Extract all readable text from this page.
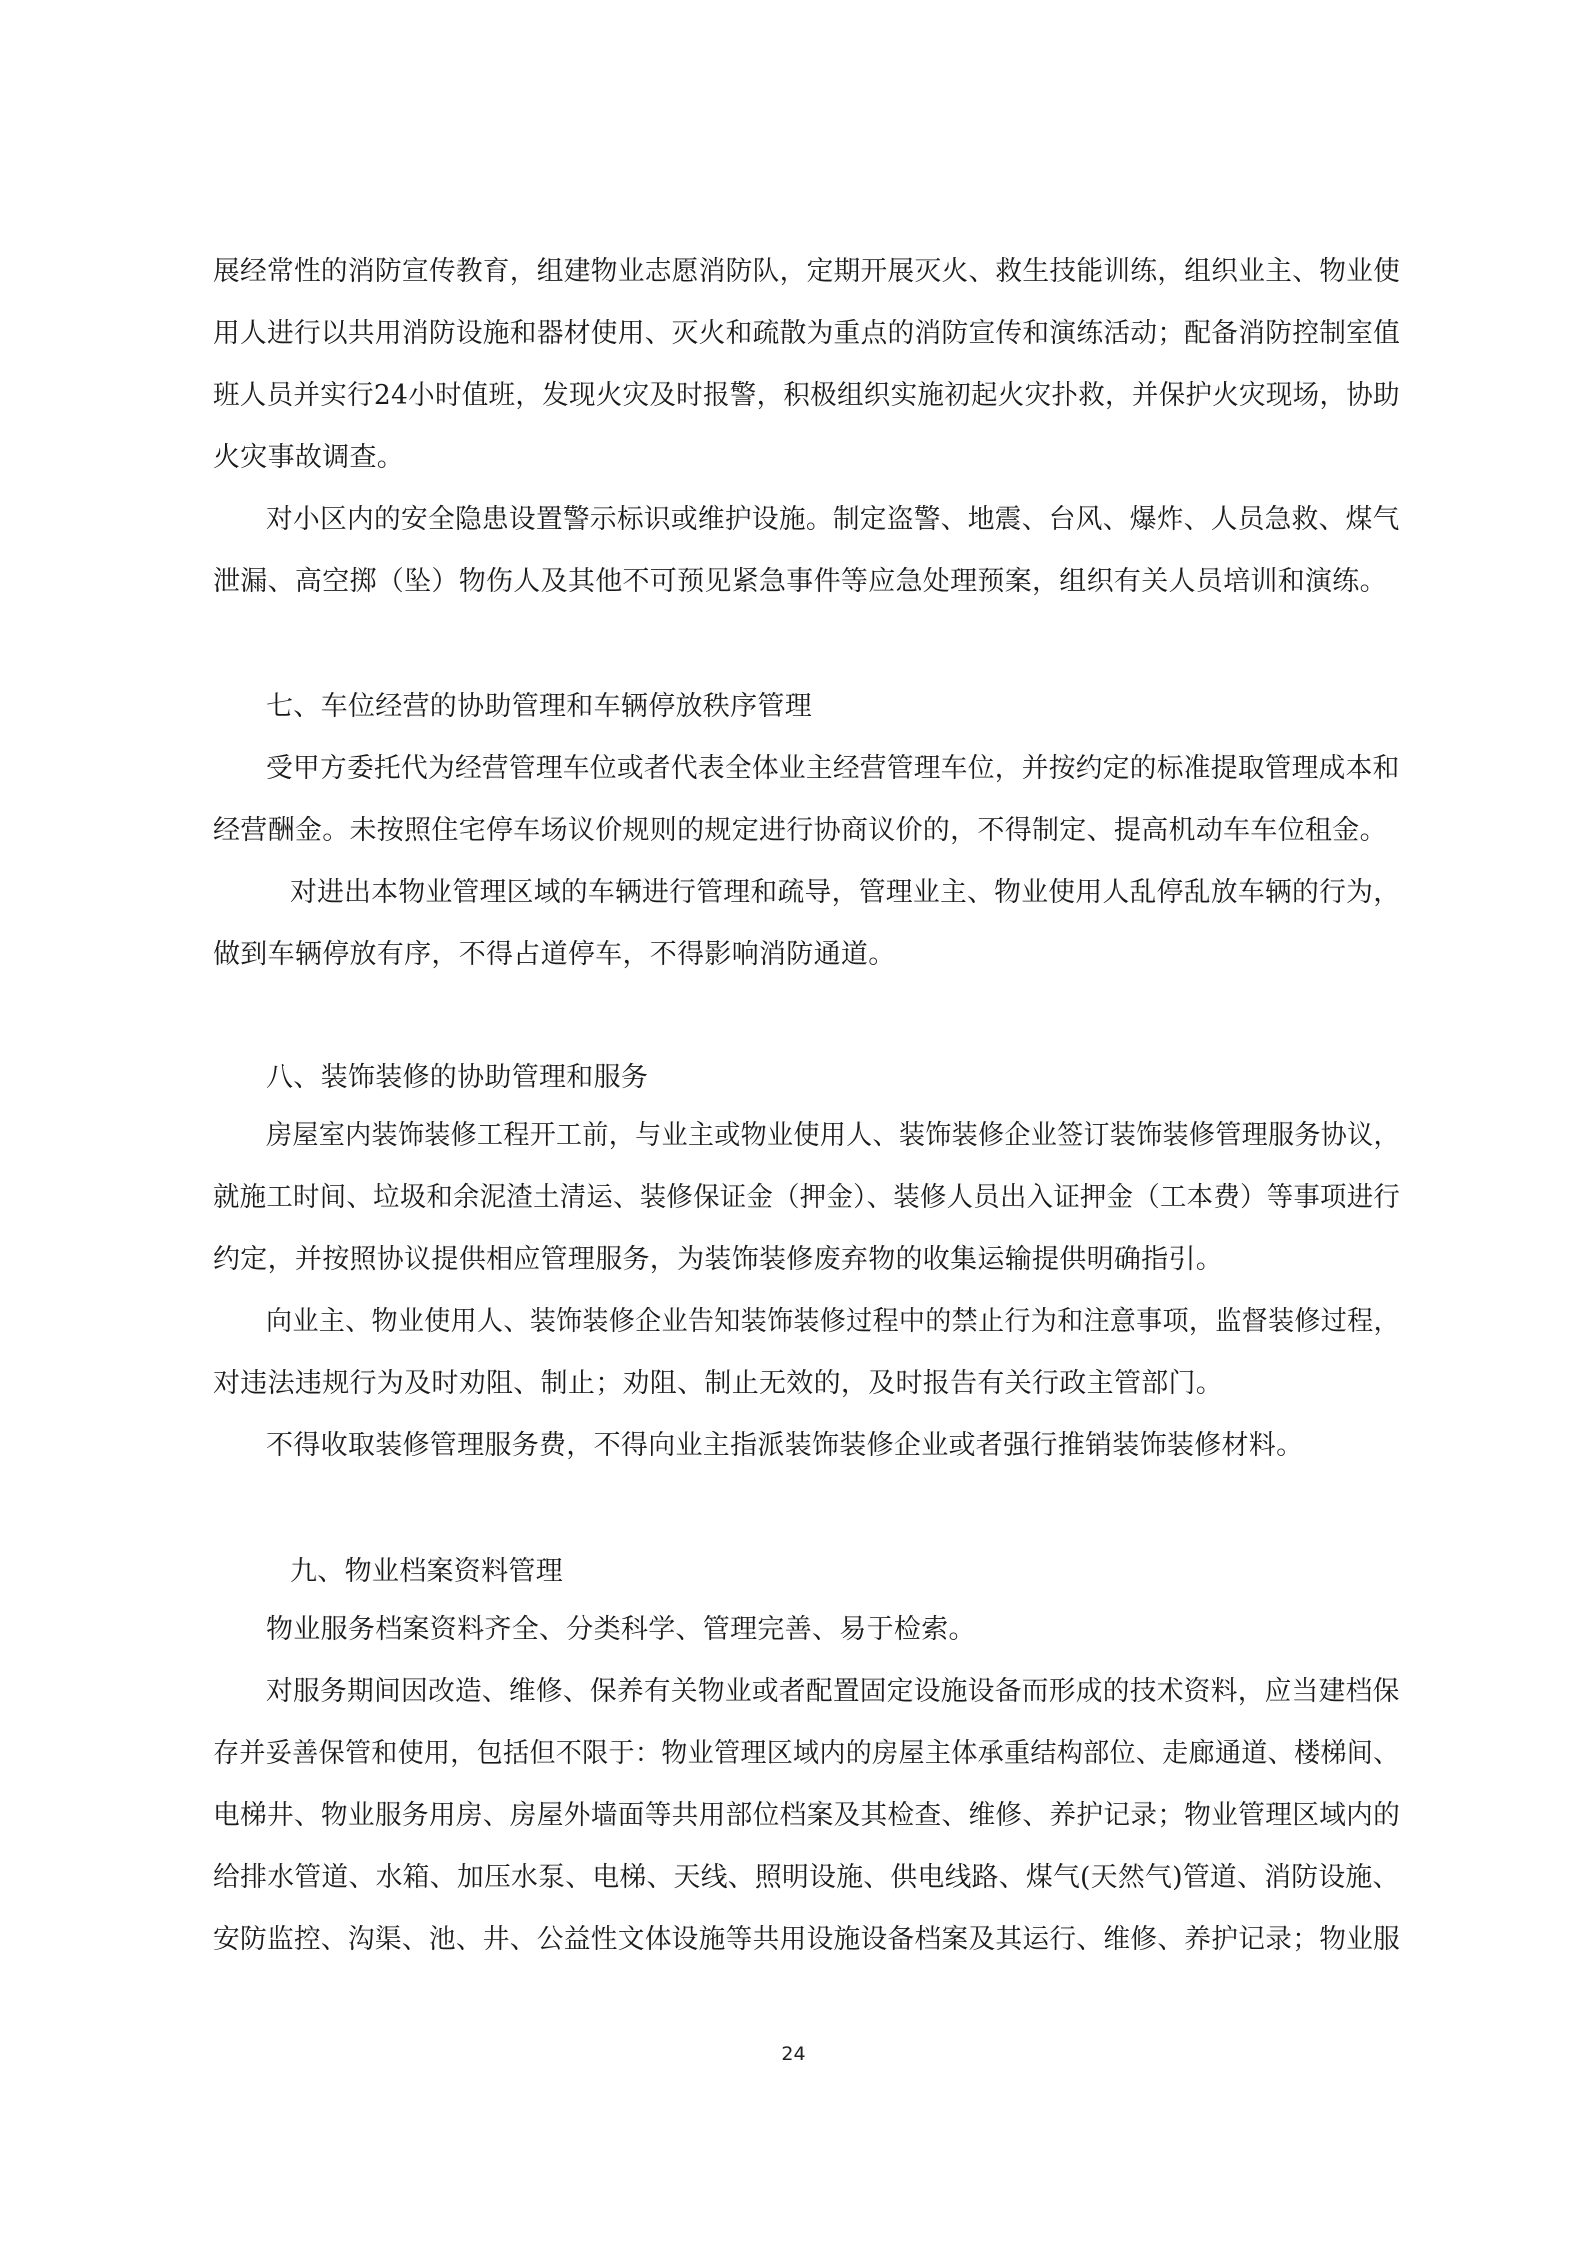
展经常性的消防宣传教育，组建物业志愿消防队，定期开展灭火、救生技能训练，组织业主、物业使
用人进行以共用消防设施和器材使用、灭火和疏散为重点的消防宣传和演练活动；配备消防控制室值
班人员并实行24小时值班，发现火灾及时报警，积极组织实施初起火灾扑救，并保护火灾现场，协助
火灾事故调查。
对小区内的安全隐患设置警示标识或维护设施。制定盗警、地震、台风、爆炸、人员急救、煤气
泄漏、高空掷（坠）物伤人及其他不可预见紧急事件等应急处理预案，组织有关人员培训和演练。
七、车位经营的协助管理和车辆停放秩序管理
受甲方委托代为经营管理车位或者代表全体业主经营管理车位，并按约定的标准提取管理成本和
经营酬金。未按照住宅停车场议价规则的规定进行协商议价的，不得制定、提高机动车车位租金。
对进出本物业管理区域的车辆进行管理和疏导，管理业主、物业使用人乱停乱放车辆的行为，
做到车辆停放有序，不得占道停车，不得影响消防通道。
八、装饰装修的协助管理和服务
房屋室内装饰装修工程开工前，与业主或物业使用人、装饰装修企业签订装饰装修管理服务协议，
就施工时间、垃圾和余泥渣土清运、装修保证金（押金）、装修人员出入证押金（工本费）等事项进行
约定，并按照协议提供相应管理服务，为装饰装修废弃物的收集运输提供明确指引。
向业主、物业使用人、装饰装修企业告知装饰装修过程中的禁止行为和注意事项，监督装修过程，
对违法违规行为及时劝阻、制止；劝阻、制止无效的，及时报告有关行政主管部门。
不得收取装修管理服务费，不得向业主指派装饰装修企业或者强行推销装饰装修材料。
九、物业档案资料管理
物业服务档案资料齐全、分类科学、管理完善、易于检索。
对服务期间因改造、维修、保养有关物业或者配置固定设施设备而形成的技术资料，应当建档保
存并妥善保管和使用，包括但不限于：物业管理区域内的房屋主体承重结构部位、走廊通道、楼梯间、
电梯井、物业服务用房、房屋外墙面等共用部位档案及其检查、维修、养护记录；物业管理区域内的
给排水管道、水箱、加压水泵、电梯、天线、照明设施、供电线路、煤气(天然气)管道、消防设施、
安防监控、沟渠、池、井、公益性文体设施等共用设施设备档案及其运行、维修、养护记录；物业服
24
